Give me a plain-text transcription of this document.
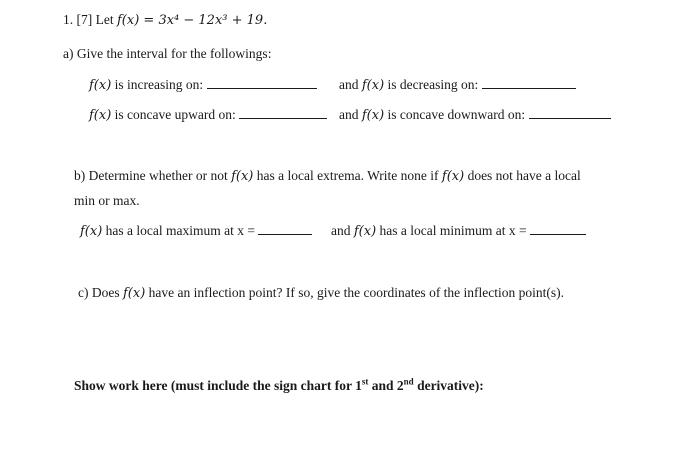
1. [7] Let f(x) = 3x⁴ − 12x³ + 19.
a) Give the interval for the followings:
f(x) is increasing on:	and f(x) is decreasing on:
f(x) is concave upward on:	and f(x) is concave downward on:
b) Determine whether or not f(x) has a local extrema. Write none if f(x) does not have a local
min or max.
f(x) has a local maximum at x =	and f(x) has a local minimum at x =
c) Does f(x) have an inflection point? If so, give the coordinates of the inflection point(s).
Show work here (must include the sign chart for 1st and 2nd derivative):
